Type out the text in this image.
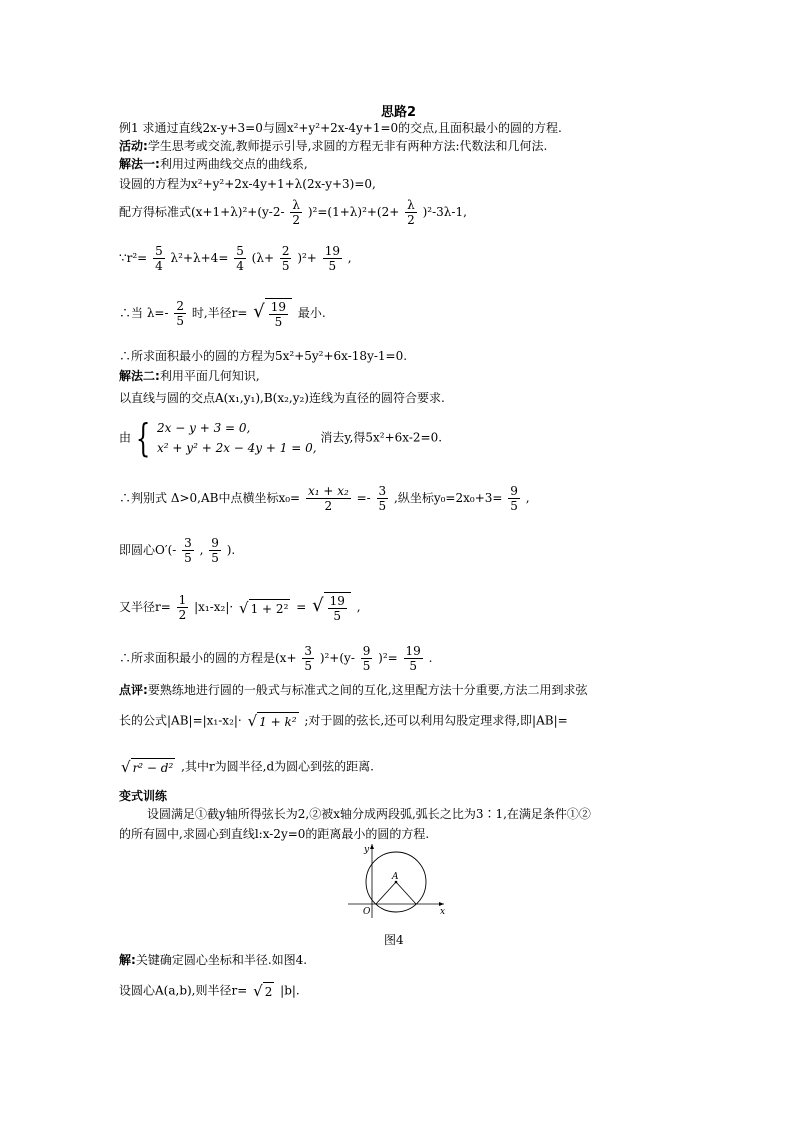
思路2
例1 求通过直线2x-y+3=0与圆x²+y²+2x-4y+1=0的交点,且面积最小的圆的方程.
活动:学生思考或交流,教师提示引导,求圆的方程无非有两种方法:代数法和几何法.
解法一:利用过两曲线交点的曲线系,
设圆的方程为x²+y²+2x-4y+1+λ(2x-y+3)=0,
配方得标准式$(x+1+\lambda)^2+(y-2- \frac{\lambda}{2} )^2=(1+\lambda)^2+(2+ \frac{\lambda}{2} )^2-3\lambda-1$,
∵r²= $\frac{5}{4} \lambda^2+\lambda+4= \frac{5}{4} (\lambda+ \frac{2}{5} )^2+ \frac{19}{5}$ ,
∴当 $\lambda=- \frac{2}{5}$ 时,半径r= √ $\frac{19}{5}$ 最小.
∴所求面积最小的圆的方程为5x²+5y²+6x-18y-1=0.
解法二:利用平面几何知识,
以直线与圆的交点A(x₁,y₁),B(x₂,y₂)连线为直径的圆符合要求.
由 { 2x − y + 3 = 0,
x² + y² + 2x − 4y + 1 = 0,
消去y,得5x²+6x-2=0.
∴判别式 Δ>0,AB中点横坐标$x_0= \frac{\text{x₁ + x₂}}{2} =- \frac{3}{5}$ ,纵坐标$y_0=2x_0+3= \frac{9}{5}$ ,
即圆心$O'(- \frac{3}{5}$ , $\frac{9}{5}$ ).
又半径$r= \frac{1}{2} |x_1-x_2|\cdot$ √ 1 + 2² = √ $\frac{19}{5}$ ,
∴所求面积最小的圆的方程是$(x+ \frac{3}{5} )^2+(y- \frac{9}{5} )^2= \frac{19}{5}$ .
点评:要熟练地进行圆的一般式与标准式之间的互化,这里配方法十分重要,方法二用到求弦
长的公式|AB|=|x₁-x₂|· √ 1 + k² ;对于圆的弦长,还可以利用勾股定理求得,即|AB|=
√ r² − d² ,其中r为圆半径,d为圆心到弦的距离.
变式训练
设圆满足①截y轴所得弦长为2,②被x轴分成两段弧,弧长之比为3∶1,在满足条件①②
的所有圆中,求圆心到直线l:x-2y=0的距离最小的圆的方程.
y
x
O
A
图4
解:关键确定圆心坐标和半径.如图4.
设圆心A(a,b),则半径r= √ 2 |b|.
